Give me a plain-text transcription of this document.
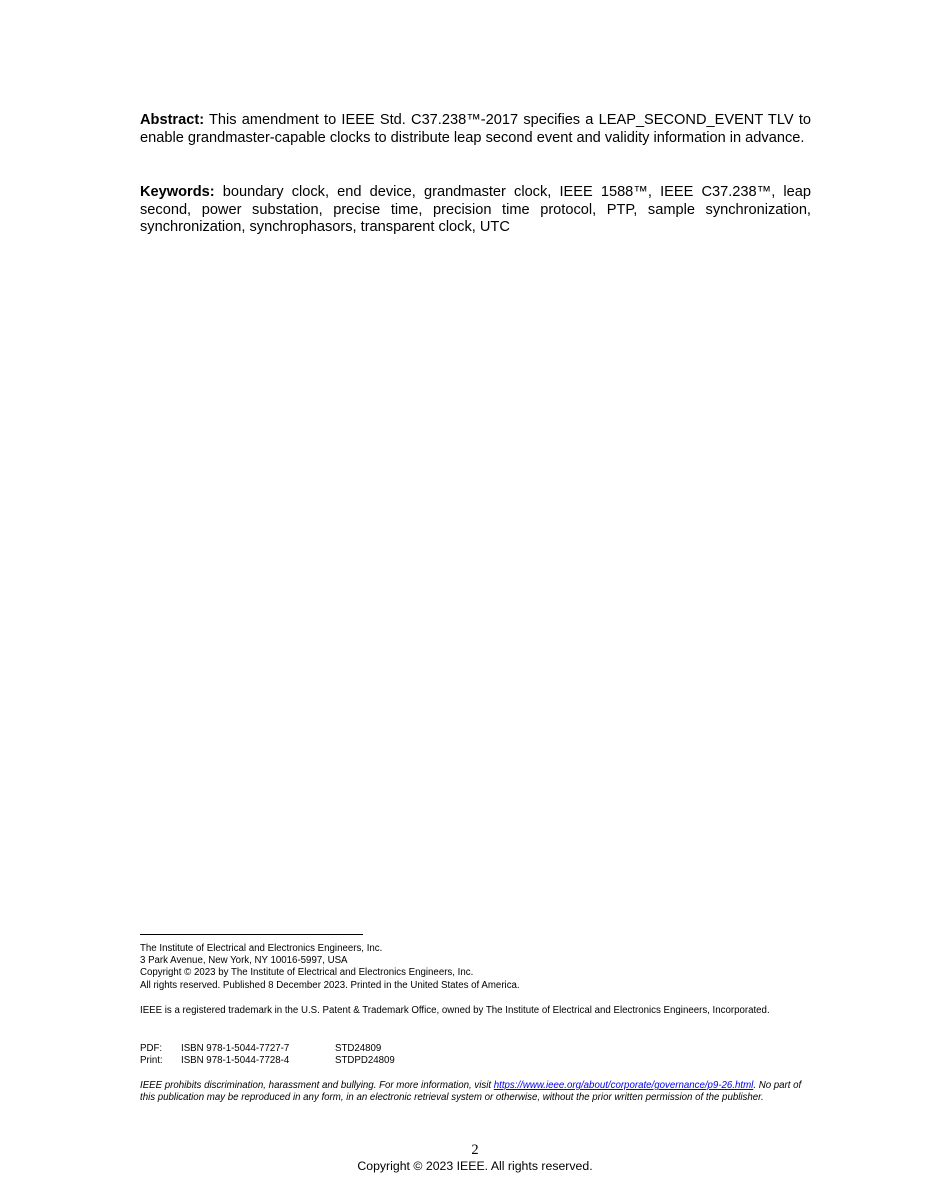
Abstract: This amendment to IEEE Std. C37.238™-2017 specifies a LEAP_SECOND_EVENT TLV to enable grandmaster-capable clocks to distribute leap second event and validity information in advance.
Keywords: boundary clock, end device, grandmaster clock, IEEE 1588™, IEEE C37.238™, leap second, power substation, precise time, precision time protocol, PTP, sample synchronization, synchronization, synchrophasors, transparent clock, UTC
The Institute of Electrical and Electronics Engineers, Inc.
3 Park Avenue, New York, NY 10016-5997, USA
Copyright © 2023 by The Institute of Electrical and Electronics Engineers, Inc.
All rights reserved. Published 8 December 2023. Printed in the United States of America.
IEEE is a registered trademark in the U.S. Patent & Trademark Office, owned by The Institute of Electrical and Electronics Engineers, Incorporated.
PDF:	ISBN 978-1-5044-7727-7	STD24809
Print:	ISBN 978-1-5044-7728-4	STDPD24809
IEEE prohibits discrimination, harassment and bullying. For more information, visit https://www.ieee.org/about/corporate/governance/p9-26.html. No part of this publication may be reproduced in any form, in an electronic retrieval system or otherwise, without the prior written permission of the publisher.
2
Copyright © 2023 IEEE. All rights reserved.
